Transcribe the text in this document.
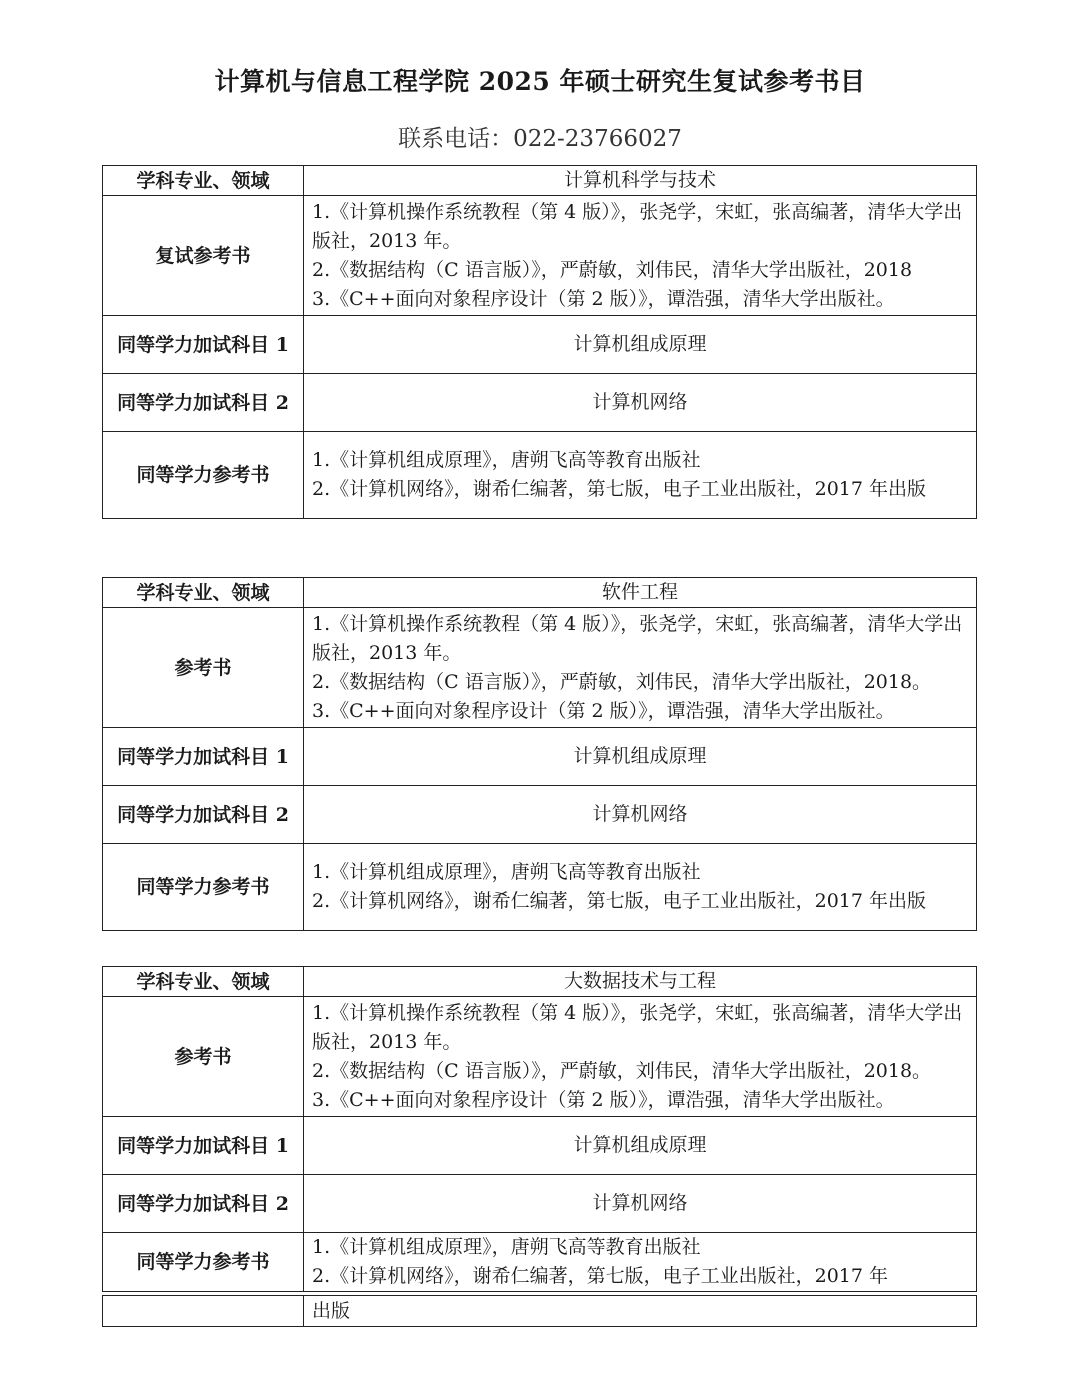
计算机与信息工程学院 2025 年硕士研究生复试参考书目
联系电话：022-23766027
学科专业、领域	计算机科学与技术
复试参考书	1.《计算机操作系统教程（第 4 版）》，张尧学，宋虹，张高编著，清华大学出版社，2013 年。
2.《数据结构（C 语言版）》，严蔚敏，刘伟民，清华大学出版社，2018
3.《C++面向对象程序设计（第 2 版）》，谭浩强，清华大学出版社。

同等学力加试科目 1	计算机组成原理
同等学力加试科目 2	计算机网络
同等学力参考书	1.《计算机组成原理》，唐朔飞高等教育出版社
2.《计算机网络》，谢希仁编著，第七版，电子工业出版社，2017 年出版
学科专业、领域	软件工程
参考书	1.《计算机操作系统教程（第 4 版）》，张尧学，宋虹，张高编著，清华大学出版社，2013 年。
2.《数据结构（C 语言版）》，严蔚敏，刘伟民，清华大学出版社，2018。
3.《C++面向对象程序设计（第 2 版）》，谭浩强，清华大学出版社。

同等学力加试科目 1	计算机组成原理
同等学力加试科目 2	计算机网络
同等学力参考书	1.《计算机组成原理》，唐朔飞高等教育出版社
2.《计算机网络》，谢希仁编著，第七版，电子工业出版社，2017 年出版
学科专业、领域	大数据技术与工程
参考书	1.《计算机操作系统教程（第 4 版）》，张尧学，宋虹，张高编著，清华大学出版社，2013 年。
2.《数据结构（C 语言版）》，严蔚敏，刘伟民，清华大学出版社，2018。
3.《C++面向对象程序设计（第 2 版）》，谭浩强，清华大学出版社。

同等学力加试科目 1	计算机组成原理
同等学力加试科目 2	计算机网络
同等学力参考书	1.《计算机组成原理》，唐朔飞高等教育出版社
2.《计算机网络》，谢希仁编著，第七版，电子工业出版社，2017 年
	出版
